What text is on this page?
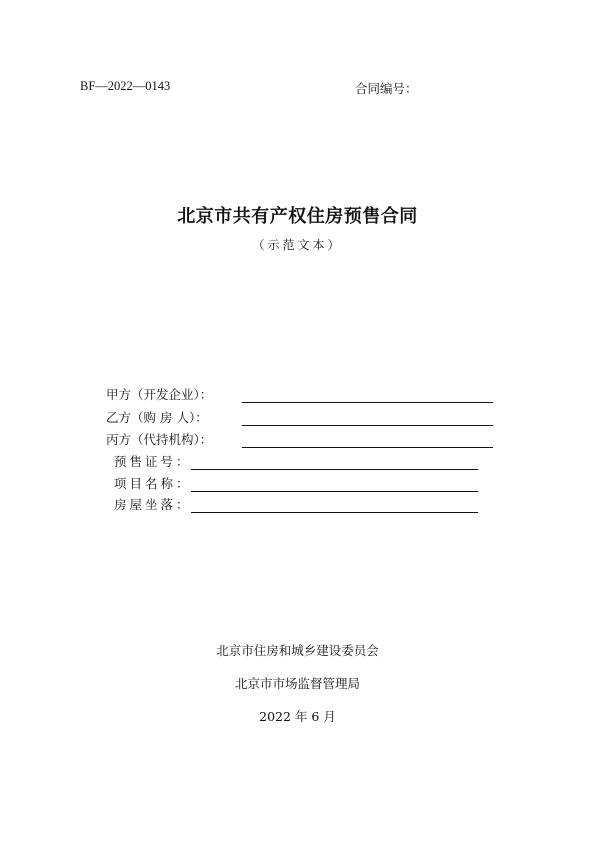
BF—2022—0143	合同编号：
北京市共有产权住房预售合同
（示范文本）
甲方（开发企业）：
乙方（购 房 人）：
丙方（代持机构）：
预售证号：
项目名称：
房屋坐落：
北京市住房和城乡建设委员会
北京市市场监督管理局
2022 年 6 月
